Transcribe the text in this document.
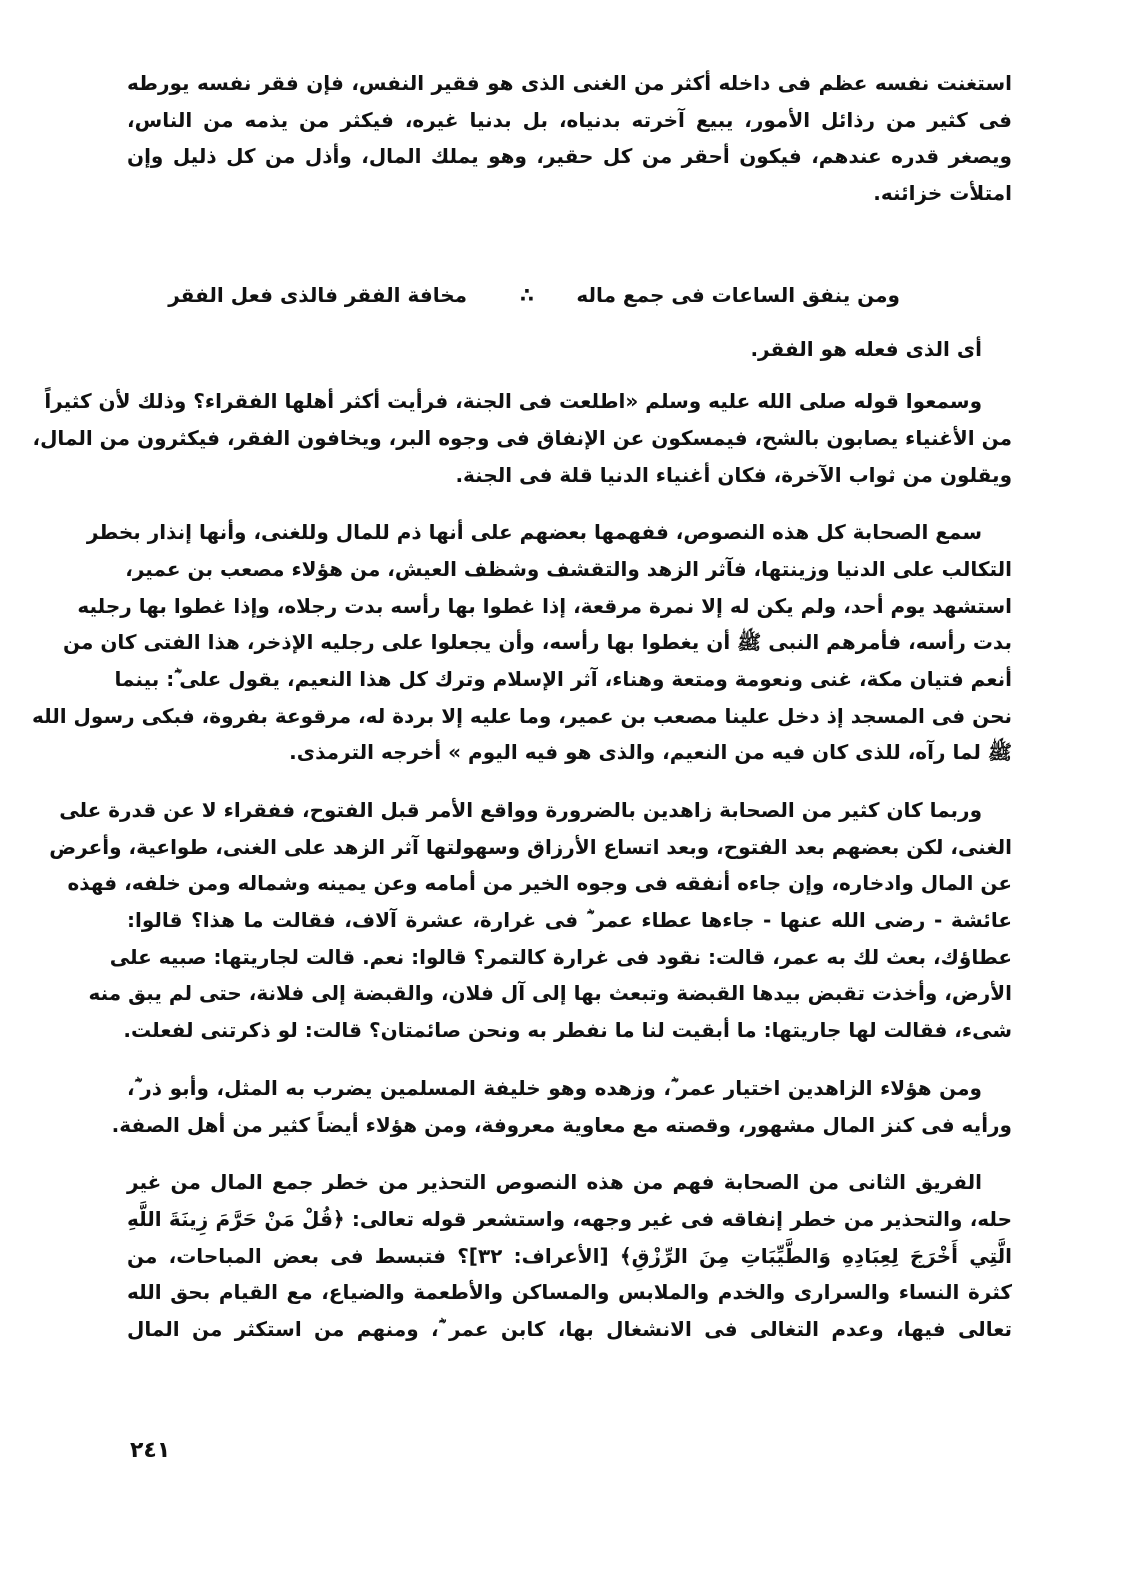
استغنت نفسه عظم فى داخله أكثر من الغنى الذى هو فقير النفس، فإن فقر نفسه يورطه
فى كثير من رذائل الأمور، يبيع آخرته بدنياه، بل بدنيا غيره، فيكثر من يذمه من الناس،
ويصغر قدره عندهم، فيكون أحقر من كل حقير، وهو يملك المال، وأذل من كل ذليل وإن
امتلأت خزائنه.
ومن ينفق الساعات فى جمع ماله
∴
مخافة الفقر فالذى فعل الفقر
أى الذى فعله هو الفقر.
وسمعوا قوله صلى الله عليه وسلم «اطلعت فى الجنة، فرأيت أكثر أهلها الفقراء؟ وذلك لأن كثيراً
من الأغنياء يصابون بالشح، فيمسكون عن الإنفاق فى وجوه البر، ويخافون الفقر، فيكثرون من المال،
ويقلون من ثواب الآخرة، فكان أغنياء الدنيا قلة فى الجنة.
سمع الصحابة كل هذه النصوص، ففهمها بعضهم على أنها ذم للمال وللغنى، وأنها إنذار بخطر
التكالب على الدنيا وزينتها، فآثر الزهد والتقشف وشظف العيش، من هؤلاء مصعب بن عمير،
استشهد يوم أحد، ولم يكن له إلا نمرة مرقعة، إذا غطوا بها رأسه بدت رجلاه، وإذا غطوا بها رجليه
بدت رأسه، فأمرهم النبى ﷺ أن يغطوا بها رأسه، وأن يجعلوا على رجليه الإذخر، هذا الفتى كان من
أنعم فتيان مكة، غنى ونعومة ومتعة وهناء، آثر الإسلام وترك كل هذا النعيم، يقول على ؓ: بينما
نحن فى المسجد إذ دخل علينا مصعب بن عمير، وما عليه إلا بردة له، مرقوعة بفروة، فبكى رسول الله
ﷺ لما رآه، للذى كان فيه من النعيم، والذى هو فيه اليوم » أخرجه الترمذى.
وربما كان كثير من الصحابة زاهدين بالضرورة وواقع الأمر قبل الفتوح، ففقراء لا عن قدرة على
الغنى، لكن بعضهم بعد الفتوح، وبعد اتساع الأرزاق وسهولتها آثر الزهد على الغنى، طواعية، وأعرض
عن المال وادخاره، وإن جاءه أنفقه فى وجوه الخير من أمامه وعن يمينه وشماله ومن خلفه، فهذه
عائشة - رضى الله عنها - جاءها عطاء عمر ؓ فى غرارة، عشرة آلاف، فقالت ما هذا؟ قالوا:
عطاؤك، بعث لك به عمر، قالت: نقود فى غرارة كالتمر؟ قالوا: نعم. قالت لجاريتها: صبيه على
الأرض، وأخذت تقبض بيدها القبضة وتبعث بها إلى آل فلان، والقبضة إلى فلانة، حتى لم يبق منه
شىء، فقالت لها جاريتها: ما أبقيت لنا ما نفطر به ونحن صائمتان؟ قالت: لو ذكرتنى لفعلت.
ومن هؤلاء الزاهدين اختيار عمر ؓ، وزهده وهو خليفة المسلمين يضرب به المثل، وأبو ذر ؓ،
ورأيه فى كنز المال مشهور، وقصته مع معاوية معروفة، ومن هؤلاء أيضاً كثير من أهل الصفة.
الفريق الثانى من الصحابة فهم من هذه النصوص التحذير من خطر جمع المال من غير
حله، والتحذير من خطر إنفاقه فى غير وجهه، واستشعر قوله تعالى: ﴿قُلْ مَنْ حَرَّمَ زِينَةَ اللَّهِ
الَّتِي أَخْرَجَ لِعِبَادِهِ وَالطَّيِّبَاتِ مِنَ الرِّزْقِ﴾ [الأعراف: ٣٢]؟ فتبسط فى بعض المباحات، من
كثرة النساء والسرارى والخدم والملابس والمساكن والأطعمة والضياع، مع القيام بحق الله
تعالى فيها، وعدم التغالى فى الانشغال بها، كابن عمر ؓ، ومنهم من استكثر من المال
٢٤١
